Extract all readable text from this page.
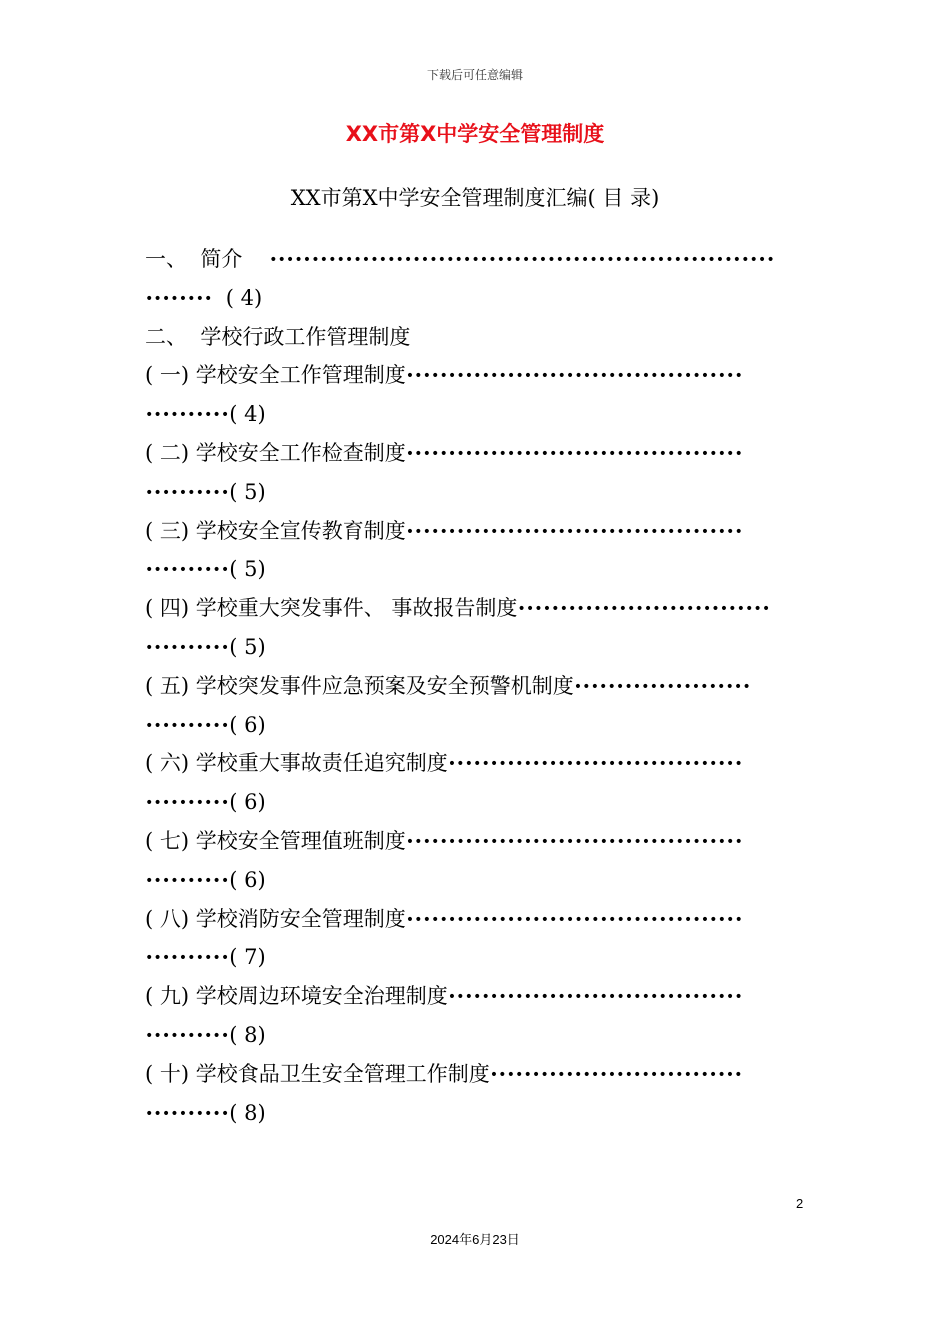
下载后可任意编辑
XX市第X中学安全管理制度
XX市第X中学安全管理制度汇编( 目 录)
一、  简介    ••••••••••••••••••••••••••••••••••••••••••••••••••••••••••••
••••••••  ( 4)
二、  学校行政工作管理制度
( 一) 学校安全工作管理制度••••••••••••••••••••••••••••••••••••••••
••••••••••( 4)
( 二) 学校安全工作检查制度••••••••••••••••••••••••••••••••••••••••
••••••••••( 5)
( 三) 学校安全宣传教育制度••••••••••••••••••••••••••••••••••••••••
••••••••••( 5)
( 四) 学校重大突发事件、 事故报告制度••••••••••••••••••••••••••••••
••••••••••( 5)
( 五) 学校突发事件应急预案及安全预警机制度•••••••••••••••••••••
••••••••••( 6)
( 六) 学校重大事故责任追究制度•••••••••••••••••••••••••••••••••••
••••••••••( 6)
( 七) 学校安全管理值班制度••••••••••••••••••••••••••••••••••••••••
••••••••••( 6)
( 八) 学校消防安全管理制度••••••••••••••••••••••••••••••••••••••••
••••••••••( 7)
( 九) 学校周边环境安全治理制度•••••••••••••••••••••••••••••••••••
••••••••••( 8)
( 十) 学校食品卫生安全管理工作制度••••••••••••••••••••••••••••••
••••••••••( 8)
2
2024年6月23日
